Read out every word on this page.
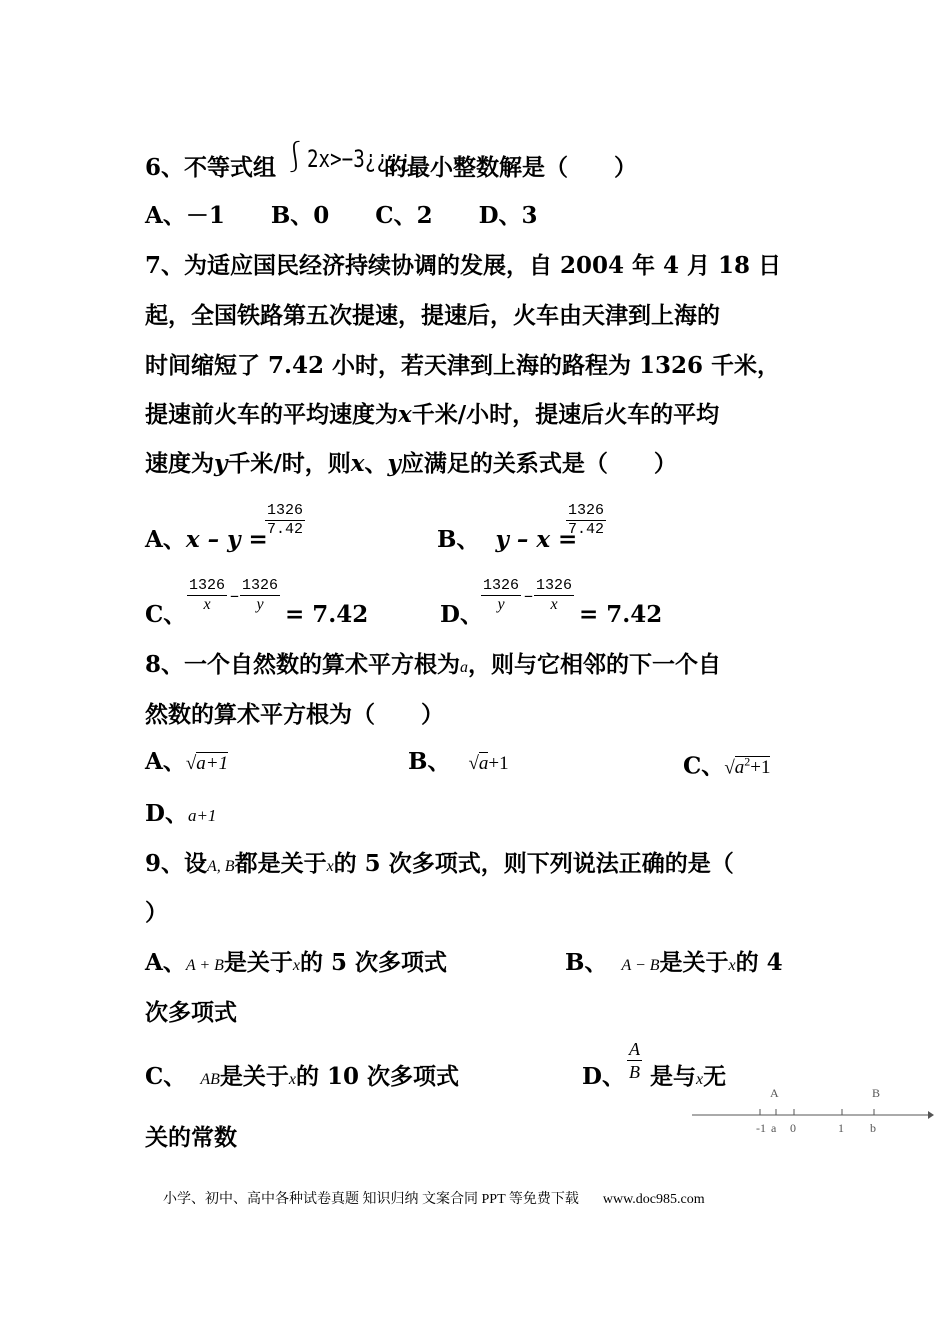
6、不等式组	的最小整数解是（　　）
⎰2x>−3¿¿¿¿
A、－1　　B、0　　C、2　　D、3
7、为适应国民经济持续协调的发展，自 2004 年 4 月 18 日
起，全国铁路第五次提速，提速后，火车由天津到上海的
时间缩短了 7.42 小时，若天津到上海的路程为 1326 千米，
提速前火车的平均速度为x千米/小时，提速后火车的平均
速度为y千米/时，则x、y应满足的关系式是（　　）
A、x – y =
$\frac{1326}{7.42}$
B、 y – x =
$\frac{1326}{7.42}$
C、
$\frac{1326}{x} - \frac{1326}{y}$
= 7.42	D、
$\frac{1326}{y} - \frac{1326}{x}$
= 7.42
8、一个自然数的算术平方根为a，则与它相邻的下一个自
然数的算术平方根为（　　）
A、√a+1	B、 √a+1	C、$√a^2+1$
D、a+1
9、设A, B都是关于x的 5 次多项式，则下列说法正确的是（
）
A、A + B是关于x的 5 次多项式	B、 A − B是关于x的 4
次多项式
C、 AB是关于x的 10 次多项式	D、 $\frac{A}{B}$ 是与x无
关的常数
A	B
-1 a 0	1 b
小学、初中、高中各种试卷真题 知识归纳 文案合同 PPT 等免费下载 www.doc985.com
